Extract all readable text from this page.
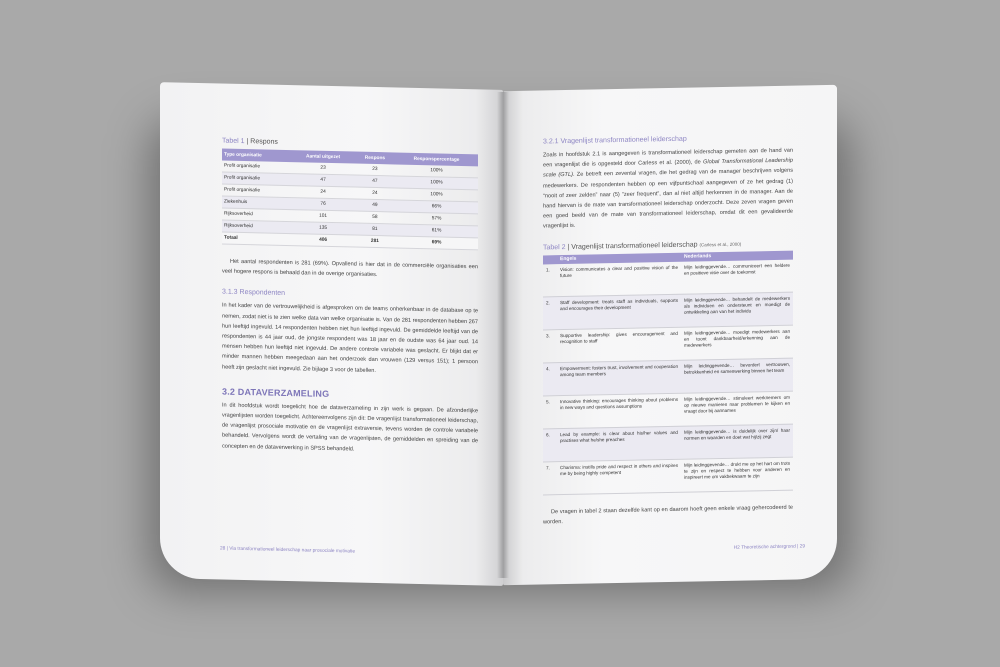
Tabel 1 | Respons
Type organisatie	Aantal uitgezet	Respons	Responspercentage
Profit organisatie	23	23	100%
Profit organisatie	47	47	100%
Profit organisatie	24	24	100%
Ziekenhuis	76	49	66%
Rijksoverheid	101	58	57%
Rijksoverheid	135	81	61%
Totaal	406	281	69%

Het aantal respondenten is 281 (69%). Opvallend is hier dat in de commerciële organisaties een veel hogere respons is behaald dan in de overige organisaties.

3.1.3 Respondenten

In het kader van de vertrouwelijkheid is afgesproken om de teams onherkenbaar in de database op te nemen, zodat niet is te zien welke data van welke organisatie is. Van de 281 respondenten hebben 267 hun leeftijd ingevuld. 14 respondenten hebben niet hun leeftijd ingevuld. De gemiddelde leeftijd van de respondenten is 44 jaar oud, de jongste respondent was 18 jaar en de oudste was 64 jaar oud. 14 mensen hebben hun leeftijd niet ingevuld. De andere controle variabele was geslacht. Er blijkt dat er minder mannen hebben meegedaan aan het onderzoek dan vrouwen (129 versus 151); 1 persoon heeft zijn geslacht niet ingevuld. Zie bijlage 3 voor de tabellen.

3.2 DATAVERZAMELING

In dit hoofdstuk wordt toegelicht hoe de dataverzameling in zijn werk is gegaan. De afzonderlijke vragenlijsten worden toegelicht. Achtereenvolgens zijn dit: De vragenlijst transformationeel leiderschap, de vragenlijst prosociale motivatie en de vragenlijst extraversie, tevens worden de controle variabele behandeld. Vervolgens wordt de vertaling van de vragenlijsten, de gemiddelden en spreiding van de concepten en de dataverwerking in SPSS behandeld.

28 | Via transformationeel leiderschap naar prosociale motivatie
3.2.1 Vragenlijst transformationeel leiderschap

Zoals in hoofdstuk 2.1 is aangegeven is transformationeel leiderschap gemeten aan de hand van een vragenlijst die is opgesteld door Carless et al. (2000), de Global Transformational Leadership scale (GTL). Ze betreft een zevental vragen, die het gedrag van de manager beschrijven volgens medewerkers. De respondenten hebben op een vijfpuntschaal aangegeven of ze het gedrag (1) “nooit of zeer zelden” naar (5) “zeer frequent”, dan al niet altijd herkennen in de manager. Aan de hand hiervan is de mate van transformationeel leiderschap onderzocht. Deze zeven vragen geven een goed beeld van de mate van transformationeel leiderschap, omdat dit een gevalideerde vragenlijst is.

Tabel 2 | Vragenlijst transformationeel leiderschap (Carless et al., 2000)
	Engels	Nederlands
1.	Vision: communicates a clear and positive vision of the future	Mijn leidinggevende… communiceert een heldere en positieve visie over de toekomst
2.	Staff development: treats staff as individuals, supports and encourages their development	Mijn leidinggevende… behandelt de medewerkers als individuen en ondersteunt en moedigt de ontwikkeling aan van het individu
3.	Supportive leadership: gives encouragement and recognition to staff	Mijn leidinggevende… moedigt medewerkers aan en toont dankbaarheid/erkenning aan de medewerkers
4.	Empowerment: fosters trust, involvement and cooperation among team members	Mijn leidinggevende… bevordert vertrouwen, betrokkenheid en samenwerking binnen het team
5.	Innovative thinking: encourages thinking about problems in new ways and questions assumptions	Mijn leidinggevende… stimuleert werknemers om op nieuwe manieren naar problemen te kijken en vraagt door bij aannames
6.	Lead by example: is clear about his/her values and practises what he/she preaches	Mijn leidinggevende… is duidelijk over zijn/ haar normen en waarden en doet wat hij/zij zegt
7.	Charisma: instills pride and respect in others and inspires me by being highly competent	Mijn leidinggevende… drukt me op het hart om trots te zijn en respect te hebben voor anderen en inspireert me om vakbekwaam te zijn

De vragen in tabel 2 staan dezelfde kant op en daarom hoeft geen enkele vraag gehercodeerd te worden.

H2 Theoretische achtergrond | 29
